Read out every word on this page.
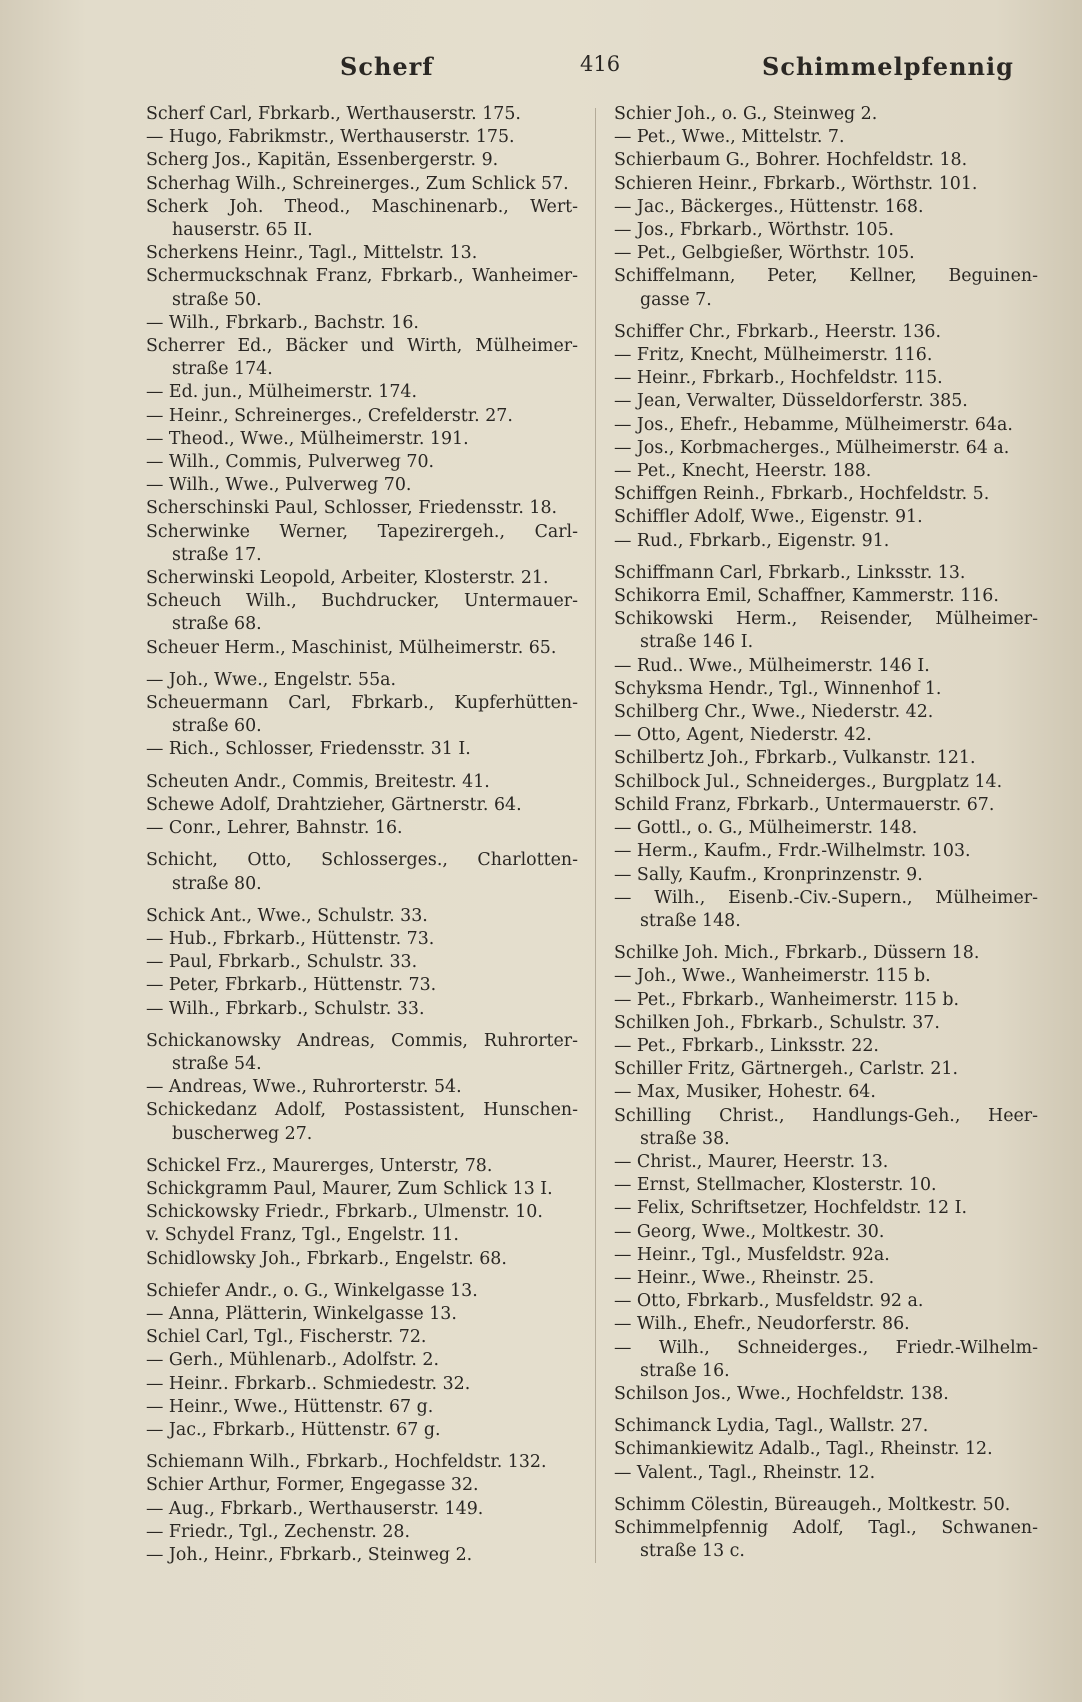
Scherf	416	Schimmelpfennig

Scherf Carl, Fbrkarb., Werthauserstr. 175.

— Hugo, Fabrikmstr., Werthauserstr. 175.

Scherg Jos., Kapitän, Essenbergerstr. 9.

Scherhag Wilh., Schreinerges., Zum Schlick 57.

Scherk Joh. Theod., Maschinenarb., Wert-
hauserstr. 65 II.

Scherkens Heinr., Tagl., Mittelstr. 13.

Schermuckschnak Franz, Fbrkarb., Wanheimer-
straße 50.

— Wilh., Fbrkarb., Bachstr. 16.

Scherrer Ed., Bäcker und Wirth, Mülheimer-
straße 174.

— Ed. jun., Mülheimerstr. 174.

— Heinr., Schreinerges., Crefelderstr. 27.

— Theod., Wwe., Mülheimerstr. 191.

— Wilh., Commis, Pulverweg 70.

— Wilh., Wwe., Pulverweg 70.

Scherschinski Paul, Schlosser, Friedensstr. 18.

Scherwinke Werner, Tapezirergeh., Carl-
straße 17.

Scherwinski Leopold, Arbeiter, Klosterstr. 21.

Scheuch Wilh., Buchdrucker, Untermauer-
straße 68.

Scheuer Herm., Maschinist, Mülheimerstr. 65.

— Joh., Wwe., Engelstr. 55a.

Scheuermann Carl, Fbrkarb., Kupferhütten-
straße 60.

— Rich., Schlosser, Friedensstr. 31 I.

Scheuten Andr., Commis, Breitestr. 41.

Schewe Adolf, Drahtzieher, Gärtnerstr. 64.

— Conr., Lehrer, Bahnstr. 16.

Schicht, Otto, Schlosserges., Charlotten-
straße 80.

Schick Ant., Wwe., Schulstr. 33.

— Hub., Fbrkarb., Hüttenstr. 73.

— Paul, Fbrkarb., Schulstr. 33.

— Peter, Fbrkarb., Hüttenstr. 73.

— Wilh., Fbrkarb., Schulstr. 33.

Schickanowsky Andreas, Commis, Ruhrorter-
straße 54.

— Andreas, Wwe., Ruhrorterstr. 54.

Schickedanz Adolf, Postassistent, Hunschen-
buscherweg 27.

Schickel Frz., Maurerges, Unterstr, 78.

Schickgramm Paul, Maurer, Zum Schlick 13 I.

Schickowsky Friedr., Fbrkarb., Ulmenstr. 10.

v. Schydel Franz, Tgl., Engelstr. 11.

Schidlowsky Joh., Fbrkarb., Engelstr. 68.

Schiefer Andr., o. G., Winkelgasse 13.

— Anna, Plätterin, Winkelgasse 13.

Schiel Carl, Tgl., Fischerstr. 72.

— Gerh., Mühlenarb., Adolfstr. 2.

— Heinr.. Fbrkarb.. Schmiedestr. 32.

— Heinr., Wwe., Hüttenstr. 67 g.

— Jac., Fbrkarb., Hüttenstr. 67 g.

Schiemann Wilh., Fbrkarb., Hochfeldstr. 132.

Schier Arthur, Former, Engegasse 32.

— Aug., Fbrkarb., Werthauserstr. 149.

— Friedr., Tgl., Zechenstr. 28.

— Joh., Heinr., Fbrkarb., Steinweg 2.

Schier Joh., o. G., Steinweg 2.

— Pet., Wwe., Mittelstr. 7.

Schierbaum G., Bohrer. Hochfeldstr. 18.

Schieren Heinr., Fbrkarb., Wörthstr. 101.

— Jac., Bäckerges., Hüttenstr. 168.

— Jos., Fbrkarb., Wörthstr. 105.

— Pet., Gelbgießer, Wörthstr. 105.

Schiffelmann, Peter, Kellner, Beguinen-
gasse 7.

Schiffer Chr., Fbrkarb., Heerstr. 136.

— Fritz, Knecht, Mülheimerstr. 116.

— Heinr., Fbrkarb., Hochfeldstr. 115.

— Jean, Verwalter, Düsseldorferstr. 385.

— Jos., Ehefr., Hebamme, Mülheimerstr. 64a.

— Jos., Korbmacherges., Mülheimerstr. 64 a.

— Pet., Knecht, Heerstr. 188.

Schiffgen Reinh., Fbrkarb., Hochfeldstr. 5.

Schiffler Adolf, Wwe., Eigenstr. 91.

— Rud., Fbrkarb., Eigenstr. 91.

Schiffmann Carl, Fbrkarb., Linksstr. 13.

Schikorra Emil, Schaffner, Kammerstr. 116.

Schikowski Herm., Reisender, Mülheimer-
straße 146 I.

— Rud.. Wwe., Mülheimerstr. 146 I.

Schyksma Hendr., Tgl., Winnenhof 1.

Schilberg Chr., Wwe., Niederstr. 42.

— Otto, Agent, Niederstr. 42.

Schilbertz Joh., Fbrkarb., Vulkanstr. 121.

Schilbock Jul., Schneiderges., Burgplatz 14.

Schild Franz, Fbrkarb., Untermauerstr. 67.

— Gottl., o. G., Mülheimerstr. 148.

— Herm., Kaufm., Frdr.-Wilhelmstr. 103.

— Sally, Kaufm., Kronprinzenstr. 9.

— Wilh., Eisenb.-Civ.-Supern., Mülheimer-
straße 148.

Schilke Joh. Mich., Fbrkarb., Düssern 18.

— Joh., Wwe., Wanheimerstr. 115 b.

— Pet., Fbrkarb., Wanheimerstr. 115 b.

Schilken Joh., Fbrkarb., Schulstr. 37.

— Pet., Fbrkarb., Linksstr. 22.

Schiller Fritz, Gärtnergeh., Carlstr. 21.

— Max, Musiker, Hohestr. 64.

Schilling Christ., Handlungs-Geh., Heer-
straße 38.

— Christ., Maurer, Heerstr. 13.

— Ernst, Stellmacher, Klosterstr. 10.

— Felix, Schriftsetzer, Hochfeldstr. 12 I.

— Georg, Wwe., Moltkestr. 30.

— Heinr., Tgl., Musfeldstr. 92a.

— Heinr., Wwe., Rheinstr. 25.

— Otto, Fbrkarb., Musfeldstr. 92 a.

— Wilh., Ehefr., Neudorferstr. 86.

— Wilh., Schneiderges., Friedr.-Wilhelm-
straße 16.

Schilson Jos., Wwe., Hochfeldstr. 138.

Schimanck Lydia, Tagl., Wallstr. 27.

Schimankiewitz Adalb., Tagl., Rheinstr. 12.

— Valent., Tagl., Rheinstr. 12.

Schimm Cölestin, Büreaugeh., Moltkestr. 50.

Schimmelpfennig Adolf, Tagl., Schwanen-
straße 13 c.
